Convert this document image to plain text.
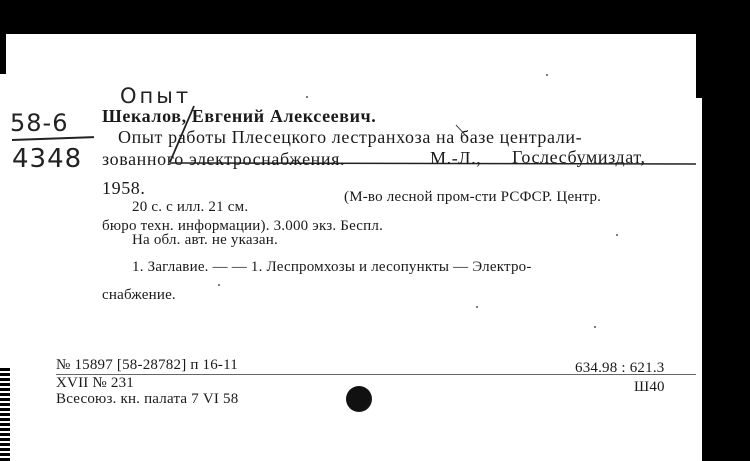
Опыт
58-6
4348
Шекалов, Евгений Алексеевич.
Опыт работы Плесецкого лестранхоза на базе централи-
зованного электроснабжения.	М.-Л., Гослесбумиздат,
1958.
20 с. с илл. 21 см.
(М-во лесной пром-сти РСФСР. Центр.
бюро техн. информации). 3.000 экз. Беспл.
На обл. авт. не указан.
1. Заглавие. — — 1. Леспромхозы и лесопункты — Электро-
снабжение.
№ 15897 [58-28782] п 16-11
XVII № 231
Всесоюз. кн. палата 7 VI 58
634.98 : 621.3
Ш40
